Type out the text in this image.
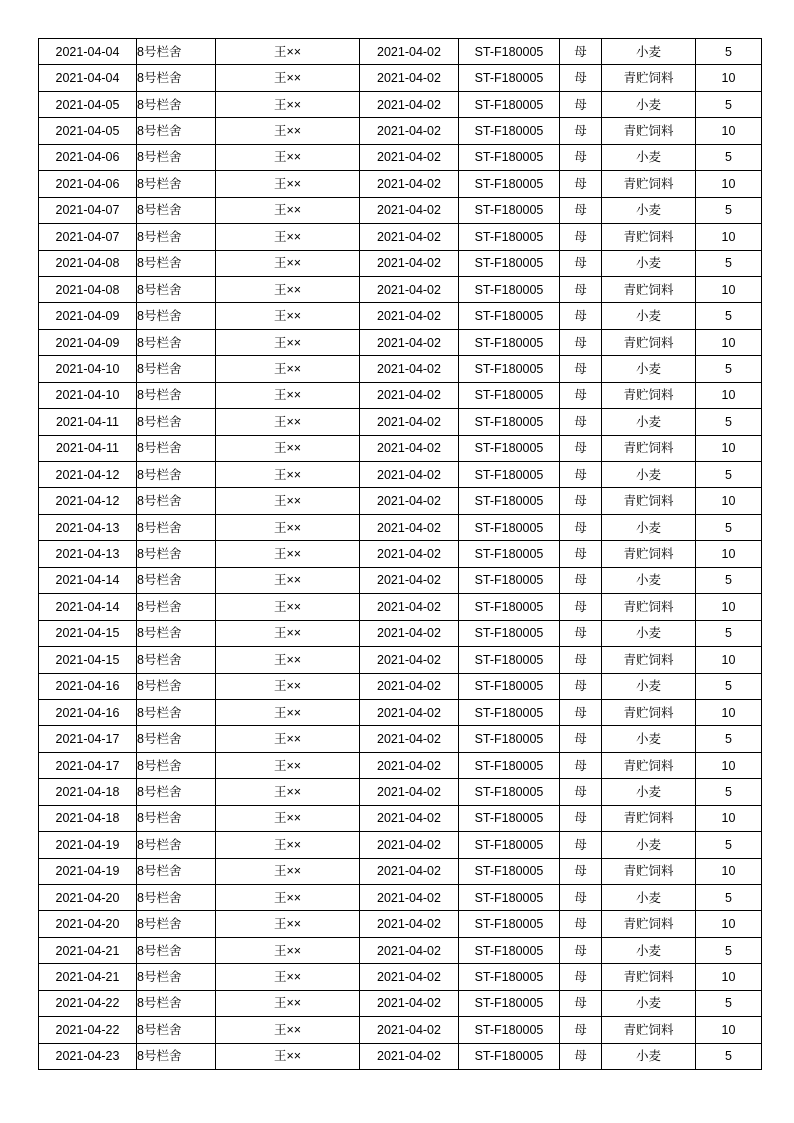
2021-04-04	8号栏舍	王××	2021-04-02	ST-F180005	母	小麦	5
2021-04-04	8号栏舍	王××	2021-04-02	ST-F180005	母	青贮饲料	10
2021-04-05	8号栏舍	王××	2021-04-02	ST-F180005	母	小麦	5
2021-04-05	8号栏舍	王××	2021-04-02	ST-F180005	母	青贮饲料	10
2021-04-06	8号栏舍	王××	2021-04-02	ST-F180005	母	小麦	5
2021-04-06	8号栏舍	王××	2021-04-02	ST-F180005	母	青贮饲料	10
2021-04-07	8号栏舍	王××	2021-04-02	ST-F180005	母	小麦	5
2021-04-07	8号栏舍	王××	2021-04-02	ST-F180005	母	青贮饲料	10
2021-04-08	8号栏舍	王××	2021-04-02	ST-F180005	母	小麦	5
2021-04-08	8号栏舍	王××	2021-04-02	ST-F180005	母	青贮饲料	10
2021-04-09	8号栏舍	王××	2021-04-02	ST-F180005	母	小麦	5
2021-04-09	8号栏舍	王××	2021-04-02	ST-F180005	母	青贮饲料	10
2021-04-10	8号栏舍	王××	2021-04-02	ST-F180005	母	小麦	5
2021-04-10	8号栏舍	王××	2021-04-02	ST-F180005	母	青贮饲料	10
2021-04-11	8号栏舍	王××	2021-04-02	ST-F180005	母	小麦	5
2021-04-11	8号栏舍	王××	2021-04-02	ST-F180005	母	青贮饲料	10
2021-04-12	8号栏舍	王××	2021-04-02	ST-F180005	母	小麦	5
2021-04-12	8号栏舍	王××	2021-04-02	ST-F180005	母	青贮饲料	10
2021-04-13	8号栏舍	王××	2021-04-02	ST-F180005	母	小麦	5
2021-04-13	8号栏舍	王××	2021-04-02	ST-F180005	母	青贮饲料	10
2021-04-14	8号栏舍	王××	2021-04-02	ST-F180005	母	小麦	5
2021-04-14	8号栏舍	王××	2021-04-02	ST-F180005	母	青贮饲料	10
2021-04-15	8号栏舍	王××	2021-04-02	ST-F180005	母	小麦	5
2021-04-15	8号栏舍	王××	2021-04-02	ST-F180005	母	青贮饲料	10
2021-04-16	8号栏舍	王××	2021-04-02	ST-F180005	母	小麦	5
2021-04-16	8号栏舍	王××	2021-04-02	ST-F180005	母	青贮饲料	10
2021-04-17	8号栏舍	王××	2021-04-02	ST-F180005	母	小麦	5
2021-04-17	8号栏舍	王××	2021-04-02	ST-F180005	母	青贮饲料	10
2021-04-18	8号栏舍	王××	2021-04-02	ST-F180005	母	小麦	5
2021-04-18	8号栏舍	王××	2021-04-02	ST-F180005	母	青贮饲料	10
2021-04-19	8号栏舍	王××	2021-04-02	ST-F180005	母	小麦	5
2021-04-19	8号栏舍	王××	2021-04-02	ST-F180005	母	青贮饲料	10
2021-04-20	8号栏舍	王××	2021-04-02	ST-F180005	母	小麦	5
2021-04-20	8号栏舍	王××	2021-04-02	ST-F180005	母	青贮饲料	10
2021-04-21	8号栏舍	王××	2021-04-02	ST-F180005	母	小麦	5
2021-04-21	8号栏舍	王××	2021-04-02	ST-F180005	母	青贮饲料	10
2021-04-22	8号栏舍	王××	2021-04-02	ST-F180005	母	小麦	5
2021-04-22	8号栏舍	王××	2021-04-02	ST-F180005	母	青贮饲料	10
2021-04-23	8号栏舍	王××	2021-04-02	ST-F180005	母	小麦	5
